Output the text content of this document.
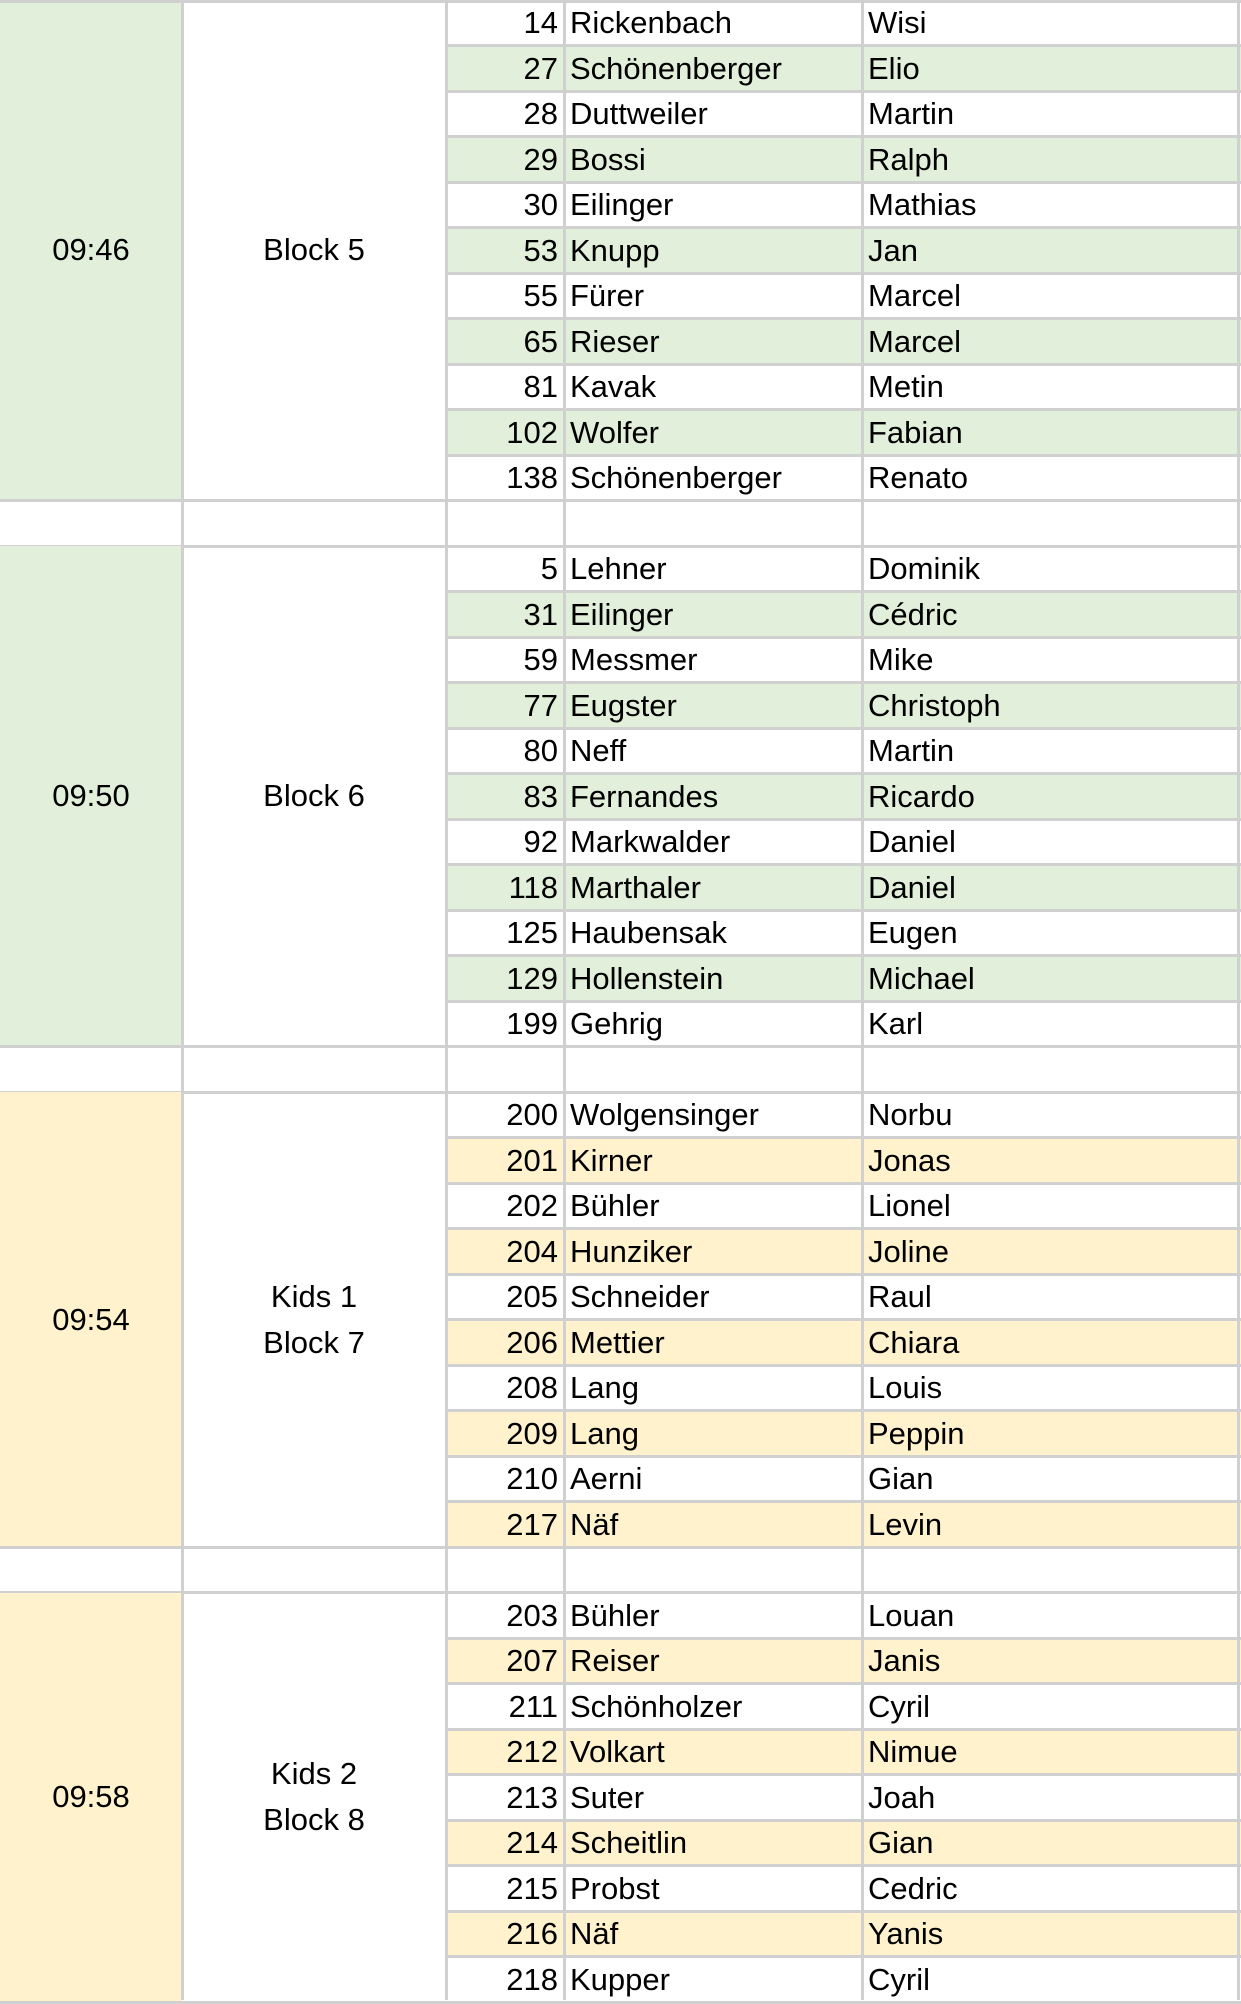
09:46	Block 5
14 Rickenbach	Wisi
27 Schönenberger	Elio
28 Duttweiler	Martin
29 Bossi	Ralph
30 Eilinger	Mathias
53 Knupp	Jan
55 Fürer	Marcel
65 Rieser	Marcel
81 Kavak	Metin
102 Wolfer	Fabian
138 Schönenberger	Renato
09:50	Block 6
5 Lehner	Dominik
31 Eilinger	Cédric
59 Messmer	Mike
77 Eugster	Christoph
80 Neff	Martin
83 Fernandes	Ricardo
92 Markwalder	Daniel
118 Marthaler	Daniel
125 Haubensak	Eugen
129 Hollenstein	Michael
199 Gehrig	Karl
09:54
Kids 1
Block 7
200 Wolgensinger	Norbu
201 Kirner	Jonas
202 Bühler	Lionel
204 Hunziker	Joline
205 Schneider	Raul
206 Mettier	Chiara
208 Lang	Louis
209 Lang	Peppin
210 Aerni	Gian
217 Näf	Levin
09:58
Kids 2
Block 8
203 Bühler	Louan
207 Reiser	Janis
211 Schönholzer	Cyril
212 Volkart	Nimue
213 Suter	Joah
214 Scheitlin	Gian
215 Probst	Cedric
216 Näf	Yanis
218 Kupper	Cyril
